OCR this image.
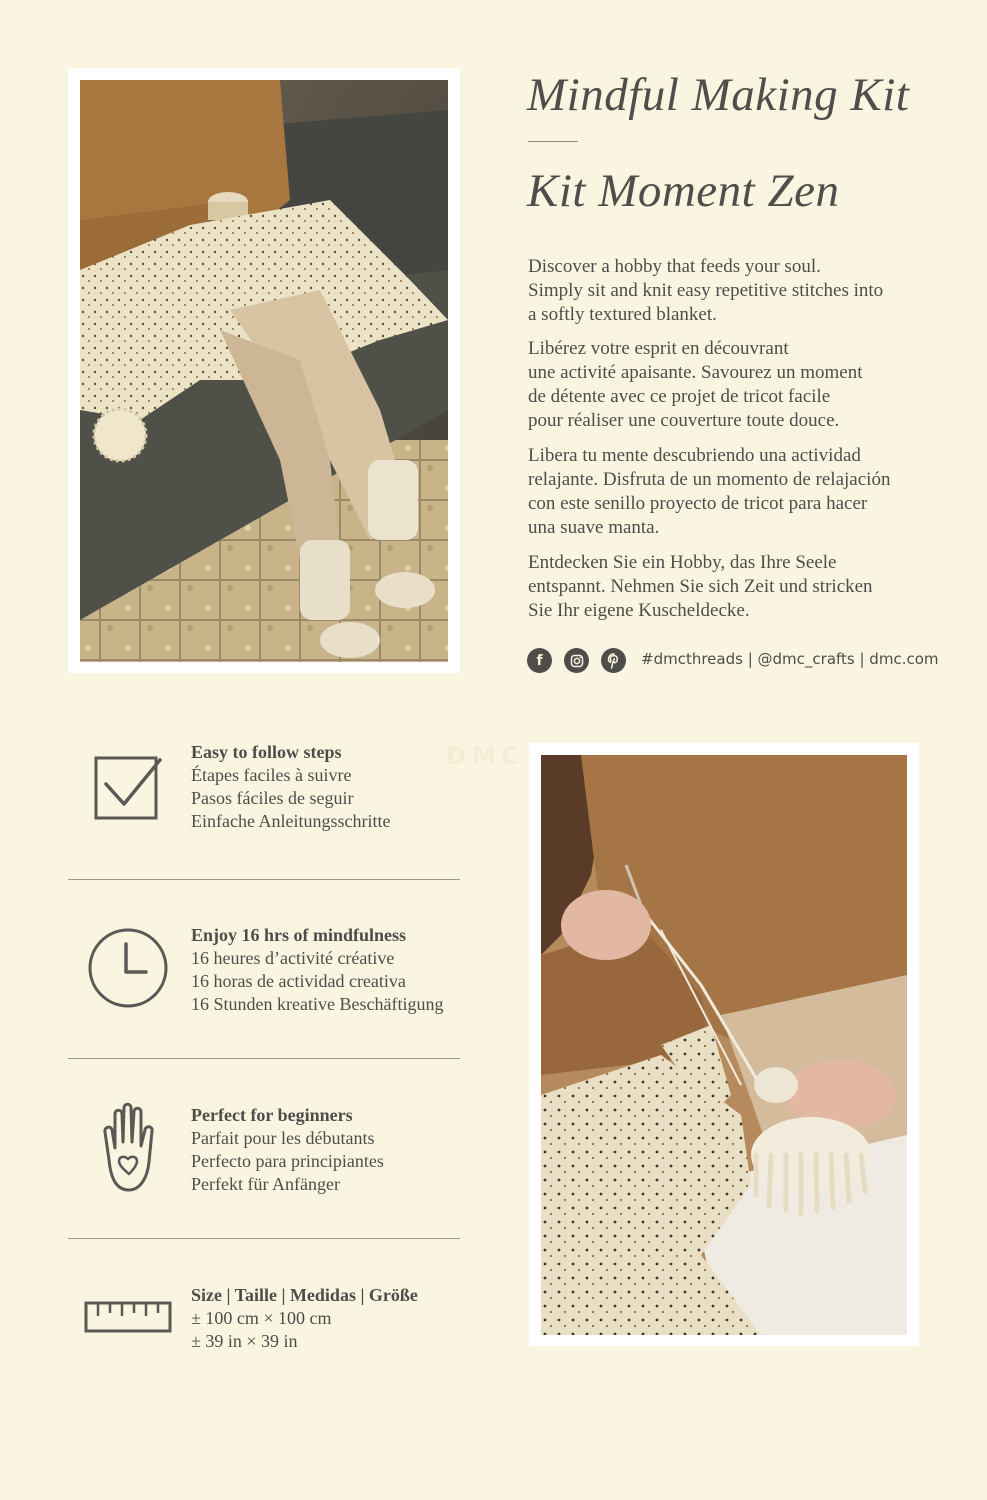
Mindful Making Kit
Kit Moment Zen

Discover a hobby that feeds your soul.
Simply sit and knit easy repetitive stitches into
a softly textured blanket.

Libérez votre esprit en découvrant
une activité apaisante. Savourez un moment
de détente avec ce projet de tricot facile
pour réaliser une couverture toute douce.

Libera tu mente descubriendo una actividad
relajante. Disfruta de un momento de relajación
con este senillo proyecto de tricot para hacer
una suave manta.

Entdecken Sie ein Hobby, das Ihre Seele
entspannt. Nehmen Sie sich Zeit und stricken
Sie Ihr eigene Kuscheldecke.

f	#dmcthreads | @dmc_crafts | dmc.com
DMC
Easy to follow steps
Étapes faciles à suivre
Pasos fáciles de seguir
Einfache Anleitungsschritte
Enjoy 16 hrs of mindfulness
16 heures d’activité créative
16 horas de actividad creativa
16 Stunden kreative Beschäftigung
Perfect for beginners
Parfait pour les débutants
Perfecto para principiantes
Perfekt für Anfänger
Size | Taille | Medidas | Größe
± 100 cm × 100 cm
± 39 in × 39 in
